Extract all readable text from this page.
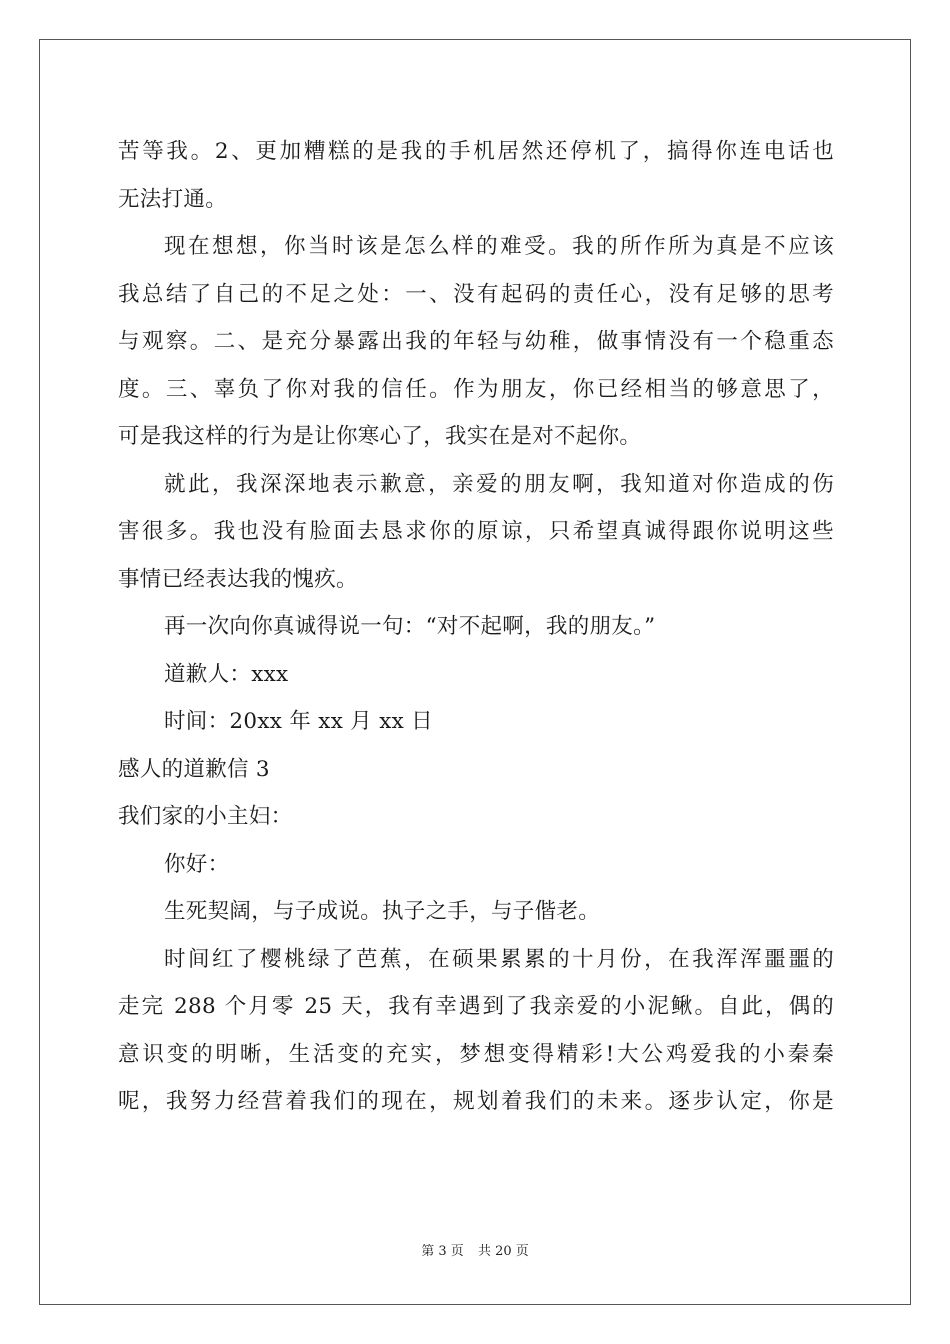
苦等我。2、更加糟糕的是我的手机居然还停机了，搞得你连电话也
无法打通。
现在想想，你当时该是怎么样的难受。我的所作所为真是不应该
我总结了自己的不足之处：一、没有起码的责任心，没有足够的思考
与观察。二、是充分暴露出我的年轻与幼稚，做事情没有一个稳重态
度。三、辜负了你对我的信任。作为朋友，你已经相当的够意思了，
可是我这样的行为是让你寒心了，我实在是对不起你。
就此，我深深地表示歉意，亲爱的朋友啊，我知道对你造成的伤
害很多。我也没有脸面去恳求你的原谅，只希望真诚得跟你说明这些
事情已经表达我的愧疚。
再一次向你真诚得说一句：“对不起啊，我的朋友。”
道歉人：xxx
时间：20xx 年 xx 月 xx 日
感人的道歉信 3
我们家的小主妇：
你好：
生死契阔，与子成说。执子之手，与子偕老。
时间红了樱桃绿了芭蕉，在硕果累累的十月份，在我浑浑噩噩的
走完 288 个月零 25 天，我有幸遇到了我亲爱的小泥鳅。自此，偶的
意识变的明晰，生活变的充实，梦想变得精彩!大公鸡爱我的小秦秦
呢，我努力经营着我们的现在，规划着我们的未来。逐步认定，你是
第 3 页 共 20 页
